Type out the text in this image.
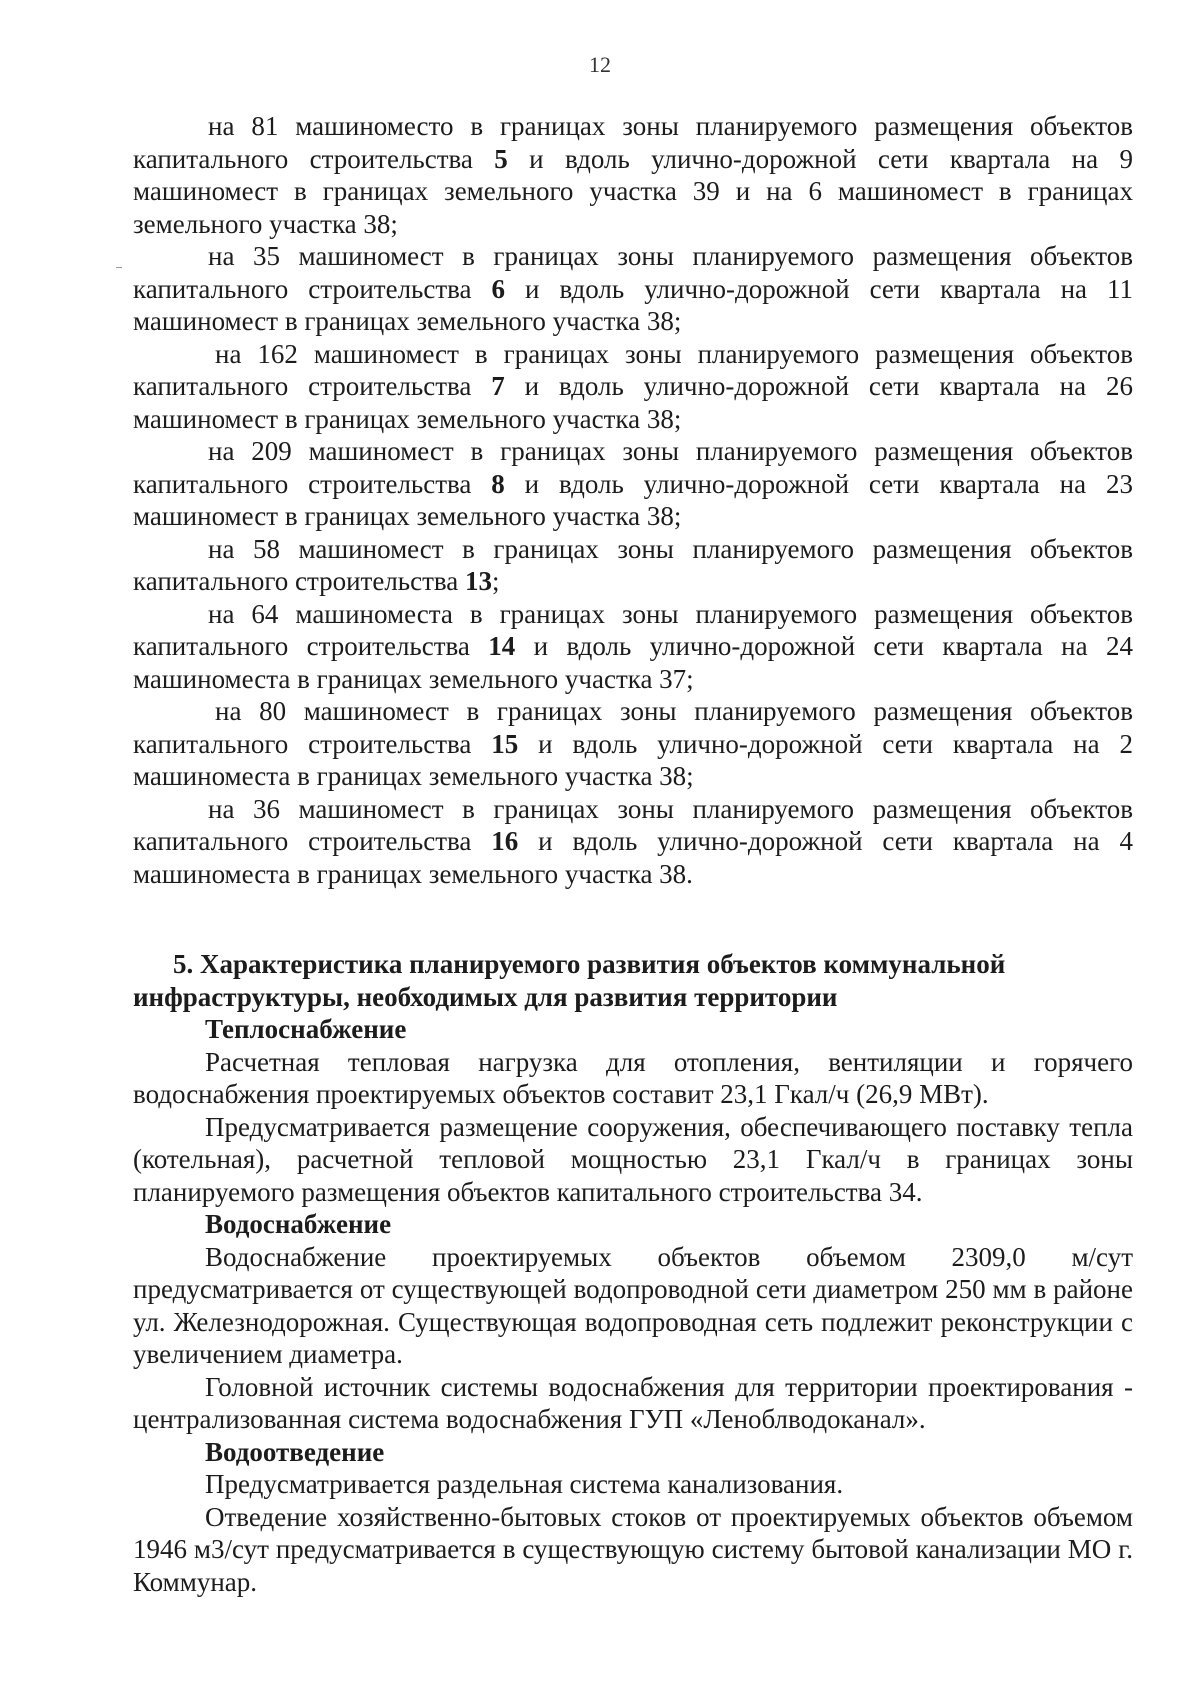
12

на 81 машиноместо в границах зоны планируемого размещения объектов капитального строительства 5 и вдоль улично-дорожной сети квартала на 9 машиномест в границах земельного участка 39 и на 6 машиномест в границах земельного участка 38;

на 35 машиномест в границах зоны планируемого размещения объектов капитального строительства 6 и вдоль улично-дорожной сети квартала на 11 машиномест в границах земельного участка 38;

на 162 машиномест в границах зоны планируемого размещения объектов капитального строительства 7 и вдоль улично-дорожной сети квартала на 26 машиномест в границах земельного участка 38;

на 209 машиномест в границах зоны планируемого размещения объектов капитального строительства 8 и вдоль улично-дорожной сети квартала на 23 машиномест в границах земельного участка 38;

на 58 машиномест в границах зоны планируемого размещения объектов капитального строительства 13;

на 64 машиноместа в границах зоны планируемого размещения объектов капитального строительства 14 и вдоль улично-дорожной сети квартала на 24 машиноместа в границах земельного участка 37;

на 80 машиномест в границах зоны планируемого размещения объектов капитального строительства 15 и вдоль улично-дорожной сети квартала на 2 машиноместа в границах земельного участка 38;

на 36 машиномест в границах зоны планируемого размещения объектов капитального строительства 16 и вдоль улично-дорожной сети квартала на 4 машиноместа в границах земельного участка 38.

5. Характеристика планируемого развития объектов коммунальной
инфраструктуры, необходимых для развития территории
Теплоснабжение

Расчетная тепловая нагрузка для отопления, вентиляции и горячего водоснабжения проектируемых объектов составит 23,1 Гкал/ч (26,9 МВт).

Предусматривается размещение сооружения, обеспечивающего поставку тепла (котельная), расчетной тепловой мощностью 23,1 Гкал/ч в границах зоны планируемого размещения объектов капитального строительства 34.

Водоснабжение

Водоснабжение проектируемых объектов объемом 2309,0 м/сут предусматривается от существующей водопроводной сети диаметром 250 мм в районе ул. Железнодорожная. Существующая водопроводная сеть подлежит реконструкции с увеличением диаметра.

Головной источник системы водоснабжения для территории проектирования - централизованная система водоснабжения ГУП «Леноблводоканал».

Водоотведение

Предусматривается раздельная система канализования.

Отведение хозяйственно-бытовых стоков от проектируемых объектов объемом 1946 м3/сут предусматривается в существующую систему бытовой канализации МО г. Коммунар.
